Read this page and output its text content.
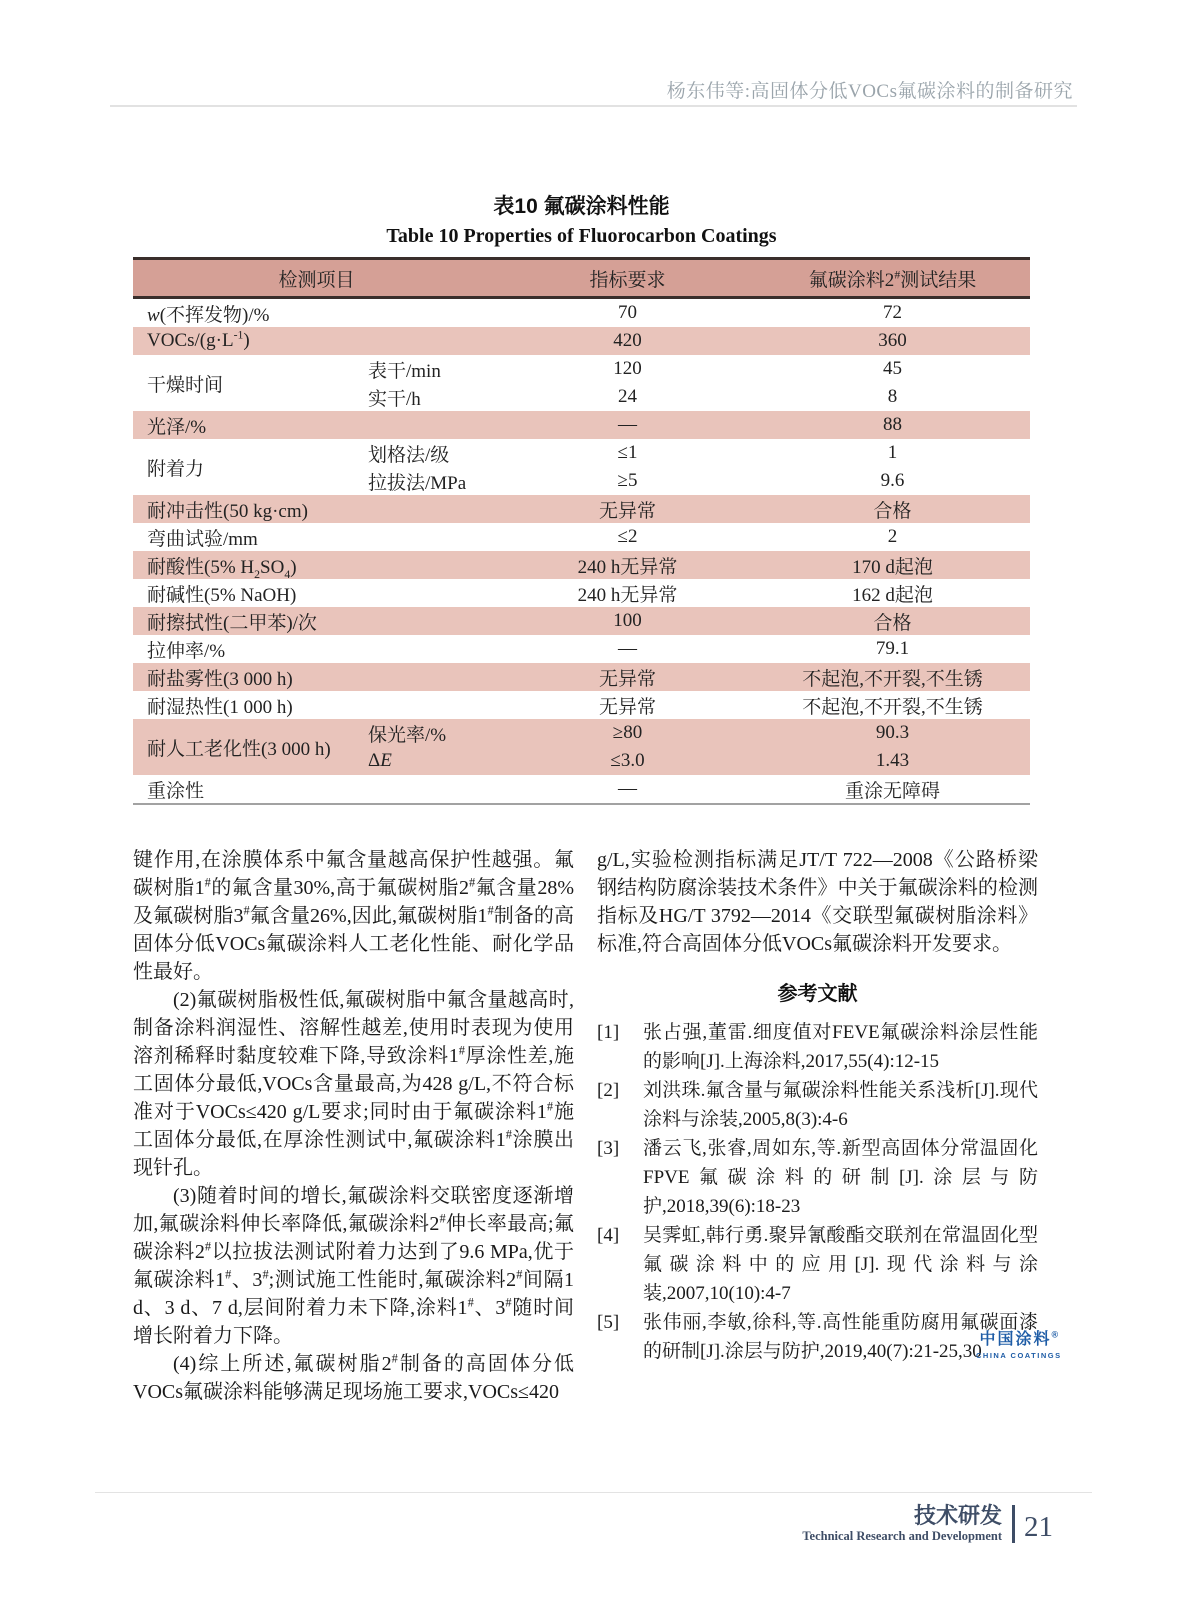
杨东伟等:高固体分低VOCs氟碳涂料的制备研究
表10 氟碳涂料性能
Table 10 Properties of Fluorocarbon Coatings
检测项目		指标要求	氟碳涂料2#测试结果
w(不挥发物)/%		70	72
VOCs/$(g\cdot L^{-1})$		420	360
干燥时间	表干/min	120	45
	实干/h	24	8
光泽/%		—	88
附着力	划格法/级	≤1	1
	拉拔法/MPa	≥5	9.6
耐冲击性(50 kg·cm)		无异常	合格
弯曲试验/mm		≤2	2
耐酸性(5% $H_2SO_4$)		240 h无异常	170 d起泡
耐碱性(5% NaOH)		240 h无异常	162 d起泡
耐擦拭性(二甲苯)/次		100	合格
拉伸率/%		—	79.1
耐盐雾性(3 000 h)		无异常	不起泡,不开裂,不生锈
耐湿热性(1 000 h)		无异常	不起泡,不开裂,不生锈
耐人工老化性(3 000 h)	保光率/%	≥80	90.3
	ΔE	≤3.0	1.43
重涂性		—	重涂无障碍

键作用,在涂膜体系中氟含量越高保护性越强。氟碳树脂1#的氟含量30%,高于氟碳树脂2#氟含量28%及氟碳树脂3#氟含量26%,因此,氟碳树脂1#制备的高固体分低VOCs氟碳涂料人工老化性能、耐化学品性最好。

(2)氟碳树脂极性低,氟碳树脂中氟含量越高时,制备涂料润湿性、溶解性越差,使用时表现为使用溶剂稀释时黏度较难下降,导致涂料1#厚涂性差,施工固体分最低,VOCs含量最高,为428 g/L,不符合标准对于VOCs≤420 g/L要求;同时由于氟碳涂料1#施工固体分最低,在厚涂性测试中,氟碳涂料1#涂膜出现针孔。

(3)随着时间的增长,氟碳涂料交联密度逐渐增加,氟碳涂料伸长率降低,氟碳涂料2#伸长率最高;氟碳涂料2#以拉拔法测试附着力达到了9.6 MPa,优于氟碳涂料1#、3#;测试施工性能时,氟碳涂料2#间隔1 d、3 d、7 d,层间附着力未下降,涂料1#、3#随时间增长附着力下降。

(4)综上所述,氟碳树脂2#制备的高固体分低VOCs氟碳涂料能够满足现场施工要求,VOCs≤420

g/L,实验检测指标满足JT/T 722—2008《公路桥梁钢结构防腐涂装技术条件》中关于氟碳涂料的检测指标及HG/T 3792—2014《交联型氟碳树脂涂料》标准,符合高固体分低VOCs氟碳涂料开发要求。

参考文献
[1]	张占强,董雷.细度值对FEVE氟碳涂料涂层性能的影响[J].上海涂料,2017,55(4):12-15
[2]	刘洪珠.氟含量与氟碳涂料性能关系浅析[J].现代涂料与涂装,2005,8(3):4-6
[3]	潘云飞,张睿,周如东,等.新型高固体分常温固化FPVE氟碳涂料的研制[J].涂层与防护,2018,39(6):18-23
[4]	吴霁虹,韩行勇.聚异氰酸酯交联剂在常温固化型氟碳涂料中的应用[J].现代涂料与涂装,2007,10(10):4-7
[5]	张伟丽,李敏,徐科,等.高性能重防腐用氟碳面漆的研制[J].涂层与防护,2019,40(7):21-25,30
中国涂料®
CHINA COATINGS
技术研发
Technical Research and Development 21
